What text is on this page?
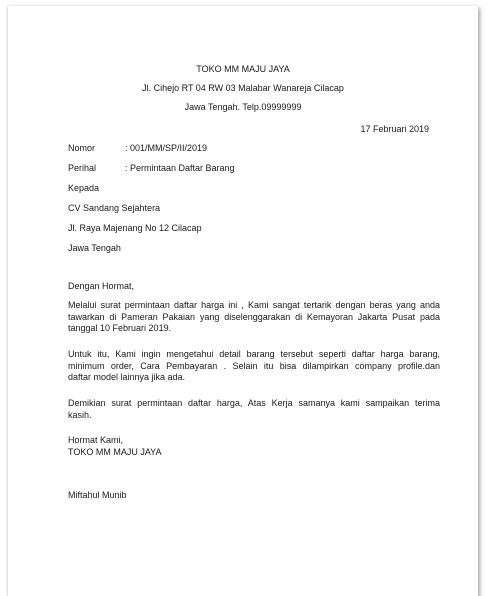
TOKO MM MAJU JAYA
Jl. Cihejo RT 04 RW 03 Malabar Wanareja Cilacap
Jawa Tengah. Telp.09999999
17 Februari 2019
Nomor	: 001/MM/SP/II/2019
Perihal	: Permintaan Daftar Barang
Kepada
CV Sandang Sejahtera
Jl. Raya Majenang No 12 Cilacap
Jawa Tengah
Dengan Hormat,
Melalui surat permintaan daftar harga ini , Kami sangat tertarik dengan beras yang anda
tawarkan di Pameran Pakaian yang diselenggarakan di Kemayoran Jakarta Pusat pada
tanggal 10 Februari 2019.
Untuk itu, Kami ingin mengetahui detail barang tersebut seperti daftar harga barang,
minimum order, Cara Pembayaran . Selain itu bisa dilampirkan company profile.dan
daftar model lainnya jika ada.
Demikian surat permintaan daftar harga, Atas Kerja samanya kami sampaikan terima
kasih.
Hormat Kami,
TOKO MM MAJU JAYA
Miftahul Munib
